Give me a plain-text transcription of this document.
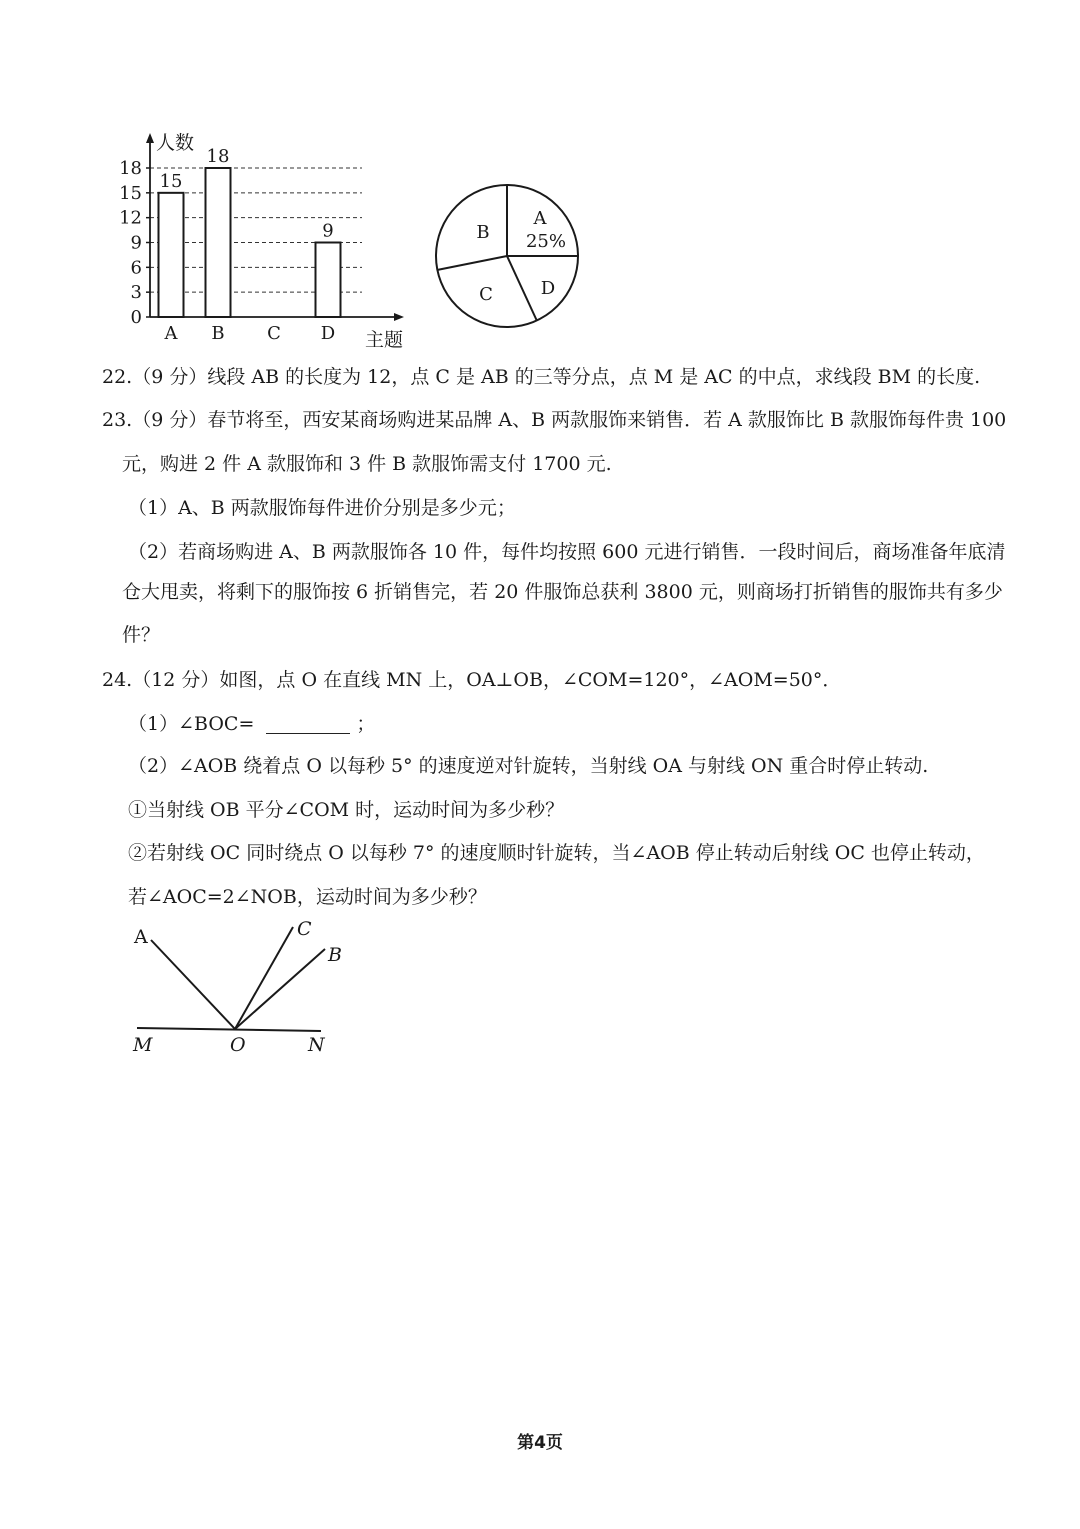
15
18
9
0
3
6
9
12
15
18
A B C D
人数
主题
A
25%
B
C	D
22.（9 分）线段 AB 的长度为 12，点 C 是 AB 的三等分点，点 M 是 AC 的中点，求线段 BM 的长度.
23.（9 分）春节将至，西安某商场购进某品牌 A、B 两款服饰来销售．若 A 款服饰比 B 款服饰每件贵 100
元，购进 2 件 A 款服饰和 3 件 B 款服饰需支付 1700 元.
（1）A、B 两款服饰每件进价分别是多少元；
（2）若商场购进 A、B 两款服饰各 10 件，每件均按照 600 元进行销售．一段时间后，商场准备年底清
仓大甩卖，将剩下的服饰按 6 折销售完，若 20 件服饰总获利 3800 元，则商场打折销售的服饰共有多少
件？
24.（12 分）如图，点 O 在直线 MN 上，OA⊥OB，∠COM=120°，∠AOM=50°．
（1）∠BOC=	；
（2）∠AOB 绕着点 O 以每秒 5° 的速度逆对针旋转，当射线 OA 与射线 ON 重合时停止转动.
①当射线 OB 平分∠COM 时，运动时间为多少秒？
②若射线 OC 同时绕点 O 以每秒 7° 的速度顺时针旋转，当∠AOB 停止转动后射线 OC 也停止转动，
若∠AOC=2∠NOB，运动时间为多少秒？
A	C
B
M	O	N
第4页
